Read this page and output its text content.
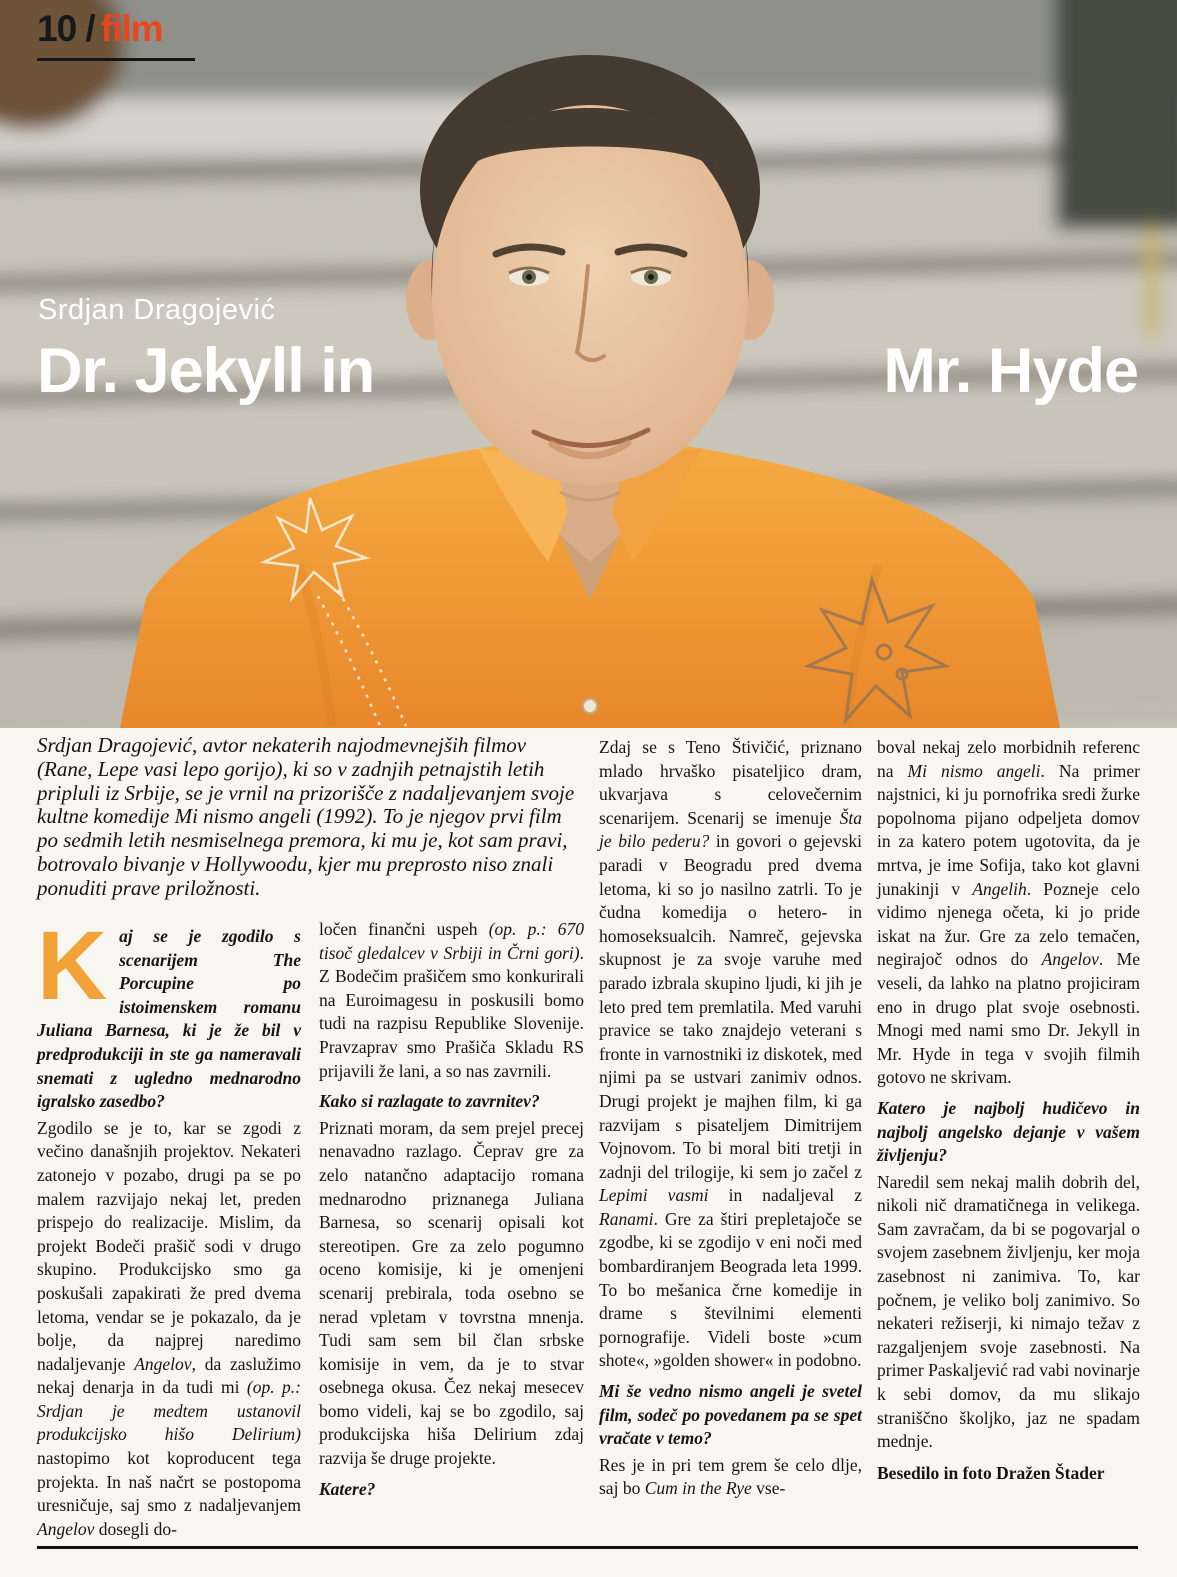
10 / film
Srdjan Dragojević
Dr. Jekyll in	Mr. Hyde
Srdjan Dragojević, avtor nekaterih najodmevnejših filmov (Rane, Lepe vasi lepo gorijo), ki so v zadnjih petnajstih letih pripluli iz Srbije, se je vrnil na prizorišče z nadaljevanjem svoje kultne komedije Mi nismo angeli (1992). To je njegov prvi film po sedmih letih nesmiselnega premora, ki mu je, kot sam pravi, botrovalo bivanje v Hollywoodu, kjer mu preprosto niso znali ponuditi prave priložnosti.

Kaj se je zgodilo s scenarijem The Porcupine po istoimenskem romanu Juliana Barnesa, ki je že bil v predprodukciji in ste ga nameravali snemati z ugledno mednarodno igralsko zasedbo?

Zgodilo se je to, kar se zgodi z večino današnjih projektov. Nekateri zatonejo v pozabo, drugi pa se po malem razvijajo nekaj let, preden prispejo do realizacije. Mislim, da projekt Bodeči prašič sodi v drugo skupino. Produkcijsko smo ga poskušali zapakirati že pred dvema letoma, vendar se je pokazalo, da je bolje, da najprej naredimo nadaljevanje Angelov, da zaslužimo nekaj denarja in da tudi mi (op. p.: Srdjan je medtem ustanovil produkcijsko hišo Delirium) nastopimo kot koproducent tega projekta. In naš načrt se postopoma uresničuje, saj smo z nadaljevanjem Angelov dosegli do-

ločen finančni uspeh (op. p.: 670 tisoč gledalcev v Srbiji in Črni gori). Z Bodečim prašičem smo konkurirali na Euroimagesu in poskusili bomo tudi na razpisu Republike Slovenije. Pravzaprav smo Prašiča Skladu RS prijavili že lani, a so nas zavrnili.

Kako si razlagate to zavrnitev?

Priznati moram, da sem prejel precej nenavadno razlago. Čeprav gre za zelo natančno adaptacijo romana mednarodno priznanega Juliana Barnesa, so scenarij opisali kot stereotipen. Gre za zelo pogumno oceno komisije, ki je omenjeni scenarij prebirala, toda osebno se nerad vpletam v tovrstna mnenja. Tudi sam sem bil član srbske komisije in vem, da je to stvar osebnega okusa. Čez nekaj mesecev bomo videli, kaj se bo zgodilo, saj produkcijska hiša Delirium zdaj razvija še druge projekte.

Katere?

Zdaj se s Teno Štivičić, priznano mlado hrvaško pisateljico dram, ukvarjava s celovečernim scenarijem. Scenarij se imenuje Šta je bilo pederu? in govori o gejevski paradi v Beogradu pred dvema letoma, ki so jo nasilno zatrli. To je čudna komedija o hetero- in homoseksualcih. Namreč, gejevska skupnost je za svoje varuhe med parado izbrala skupino ljudi, ki jih je leto pred tem premlatila. Med varuhi pravice se tako znajdejo veterani s fronte in varnostniki iz diskotek, med njimi pa se ustvari zanimiv odnos. Drugi projekt je majhen film, ki ga razvijam s pisateljem Dimitrijem Vojnovom. To bi moral biti tretji in zadnji del trilogije, ki sem jo začel z Lepimi vasmi in nadaljeval z Ranami. Gre za štiri prepletajoče se zgodbe, ki se zgodijo v eni noči med bombardiranjem Beograda leta 1999. To bo mešanica črne komedije in drame s številnimi elementi pornografije. Videli boste »cum shote«, »golden shower« in podobno.

Mi še vedno nismo angeli je svetel film, sodeč po povedanem pa se spet vračate v temo?

Res je in pri tem grem še celo dlje, saj bo Cum in the Rye vse-

boval nekaj zelo morbidnih referenc na Mi nismo angeli. Na primer najstnici, ki ju pornofrika sredi žurke popolnoma pijano odpeljeta domov in za katero potem ugotovita, da je mrtva, je ime Sofija, tako kot glavni junakinji v Angelih. Pozneje celo vidimo njenega očeta, ki jo pride iskat na žur. Gre za zelo temačen, negirajoč odnos do Angelov. Me veseli, da lahko na platno projiciram eno in drugo plat svoje osebnosti. Mnogi med nami smo Dr. Jekyll in Mr. Hyde in tega v svojih filmih gotovo ne skrivam.

Katero je najbolj hudičevo in najbolj angelsko dejanje v vašem življenju?

Naredil sem nekaj malih dobrih del, nikoli nič dramatičnega in velikega. Sam zavračam, da bi se pogovarjal o svojem zasebnem življenju, ker moja zasebnost ni zanimiva. To, kar počnem, je veliko bolj zanimivo. So nekateri režiserji, ki nimajo težav z razgaljenjem svoje zasebnosti. Na primer Paskaljević rad vabi novinarje k sebi domov, da mu slikajo straniščno školjko, jaz ne spadam mednje.

Besedilo in foto Dražen Štader
